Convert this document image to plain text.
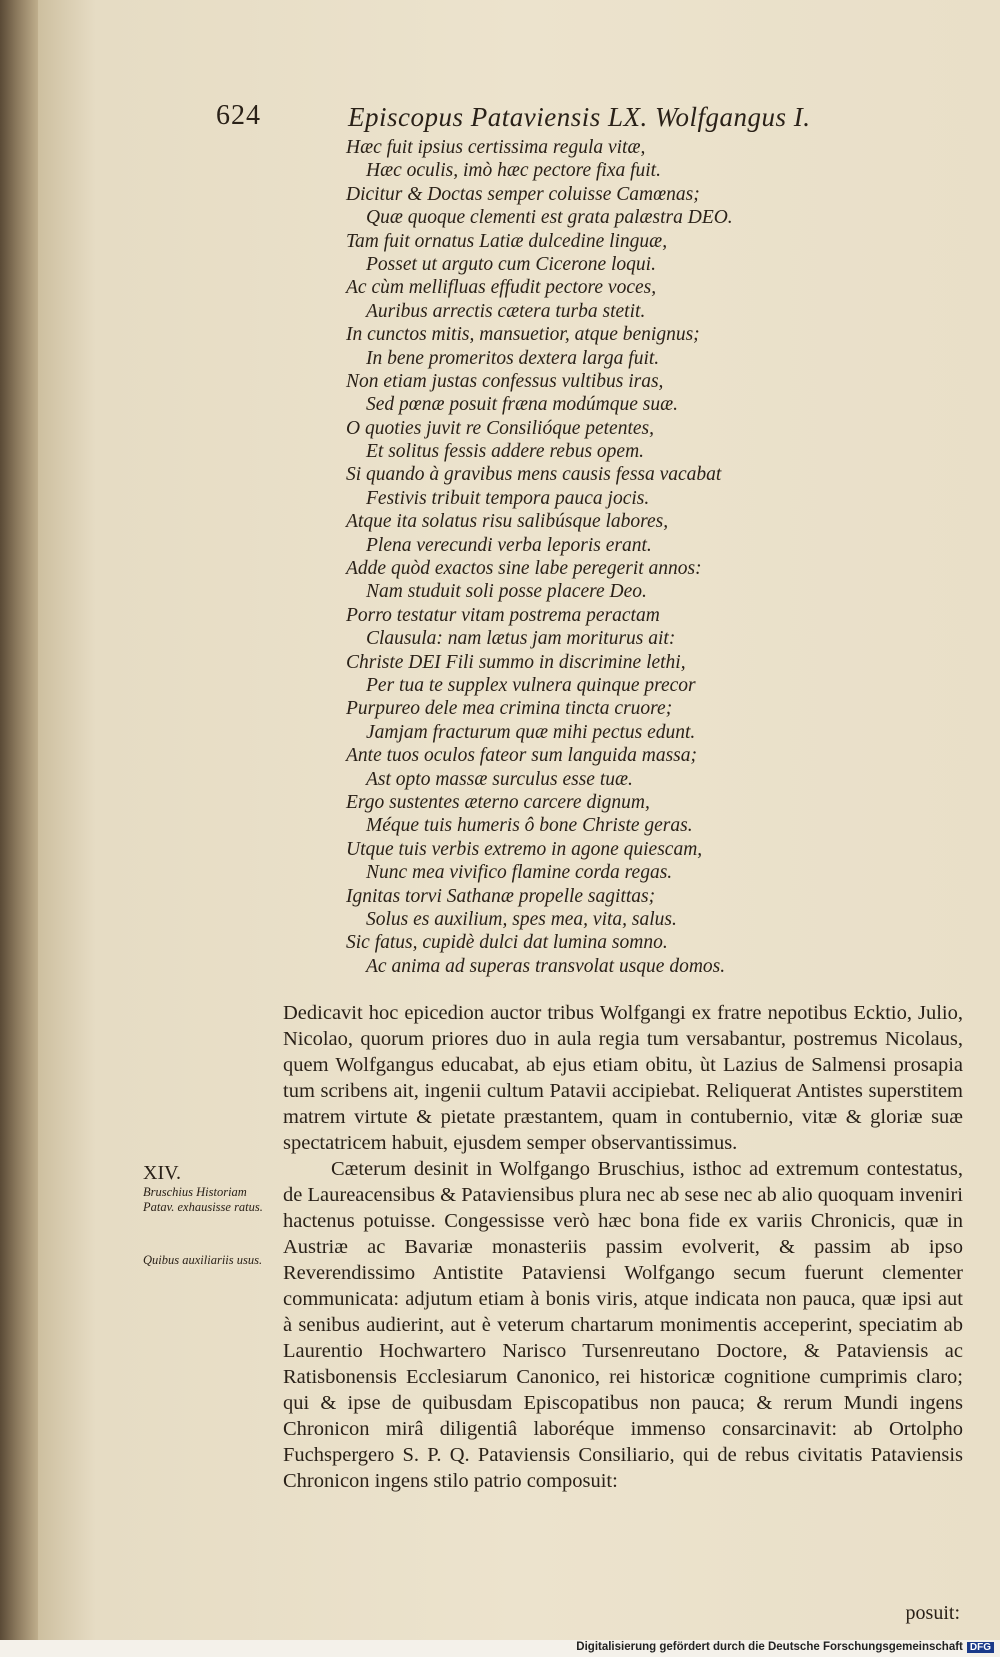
624	Episcopus Pataviensis LX. Wolfgangus I.
Hæc fuit ipsius certissima regula vitæ,
Hæc oculis, imò hæc pectore fixa fuit.
Dicitur & Doctas semper coluisse Camœnas;
Quæ quoque clementi est grata palæstra DEO.
Tam fuit ornatus Latiæ dulcedine linguæ,
Posset ut arguto cum Cicerone loqui.
Ac cùm mellifluas effudit pectore voces,
Auribus arrectis cætera turba stetit.
In cunctos mitis, mansuetior, atque benignus;
In bene promeritos dextera larga fuit.
Non etiam justas confessus vultibus iras,
Sed pœnæ posuit fræna modúmque suæ.
O quoties juvit re Consilióque petentes,
Et solitus fessis addere rebus opem.
Si quando à gravibus mens causis fessa vacabat
Festivis tribuit tempora pauca jocis.
Atque ita solatus risu salibúsque labores,
Plena verecundi verba leporis erant.
Adde quòd exactos sine labe peregerit annos:
Nam studuit soli posse placere Deo.
Porro testatur vitam postrema peractam
Clausula: nam lætus jam moriturus ait:
Christe DEI Fili summo in discrimine lethi,
Per tua te supplex vulnera quinque precor
Purpureo dele mea crimina tincta cruore;
Jamjam fracturum quæ mihi pectus edunt.
Ante tuos oculos fateor sum languida massa;
Ast opto massæ surculus esse tuæ.
Ergo sustentes æterno carcere dignum,
Méque tuis humeris ô bone Christe geras.
Utque tuis verbis extremo in agone quiescam,
Nunc mea vivifico flamine corda regas.
Ignitas torvi Sathanæ propelle sagittas;
Solus es auxilium, spes mea, vita, salus.
Sic fatus, cupidè dulci dat lumina somno.
Ac anima ad superas transvolat usque domos.
XIV.
Bruschius Historiam Patav. exhausisse ratus.
Quibus auxiliariis usus.

Dedicavit hoc epicedion auctor tribus Wolfgangi ex fratre nepotibus Ecktio, Julio, Nicolao, quorum priores duo in aula regia tum versabantur, postremus Nicolaus, quem Wolfgangus educabat, ab ejus etiam obitu, ùt Lazius de Salmensi prosapia tum scribens ait, ingenii cultum Patavii accipiebat. Reliquerat Antistes superstitem matrem virtute & pietate præstantem, quam in contubernio, vitæ & gloriæ suæ spectatricem habuit, ejusdem semper observantissimus.

Cæterum desinit in Wolfgango Bruschius, isthoc ad extremum contestatus, de Laureacensibus & Pataviensibus plura nec ab sese nec ab alio quoquam inveniri hactenus potuisse. Congessisse verò hæc bona fide ex variis Chronicis, quæ in Austriæ ac Bavariæ monasteriis passim evolverit, & passim ab ipso Reverendissimo Antistite Pataviensi Wolfgango secum fuerunt clementer communicata: adjutum etiam à bonis viris, atque indicata non pauca, quæ ipsi aut à senibus audierint, aut è veterum chartarum monimentis acceperint, speciatim ab Laurentio Hochwartero Narisco Tursenreutano Doctore, & Pataviensis ac Ratisbonensis Ecclesiarum Canonico, rei historicæ cognitione cumprimis claro; qui & ipse de quibusdam Episcopatibus non pauca; & rerum Mundi ingens Chronicon mirâ diligentiâ laboréque immenso consarcinavit: ab Ortolpho Fuchspergero S. P. Q. Pataviensis Consiliario, qui de rebus civitatis Pataviensis Chronicon ingens stilo patrio composuit:

posuit:
Digitalisierung gefördert durch die Deutsche Forschungsgemeinschaft DFG
